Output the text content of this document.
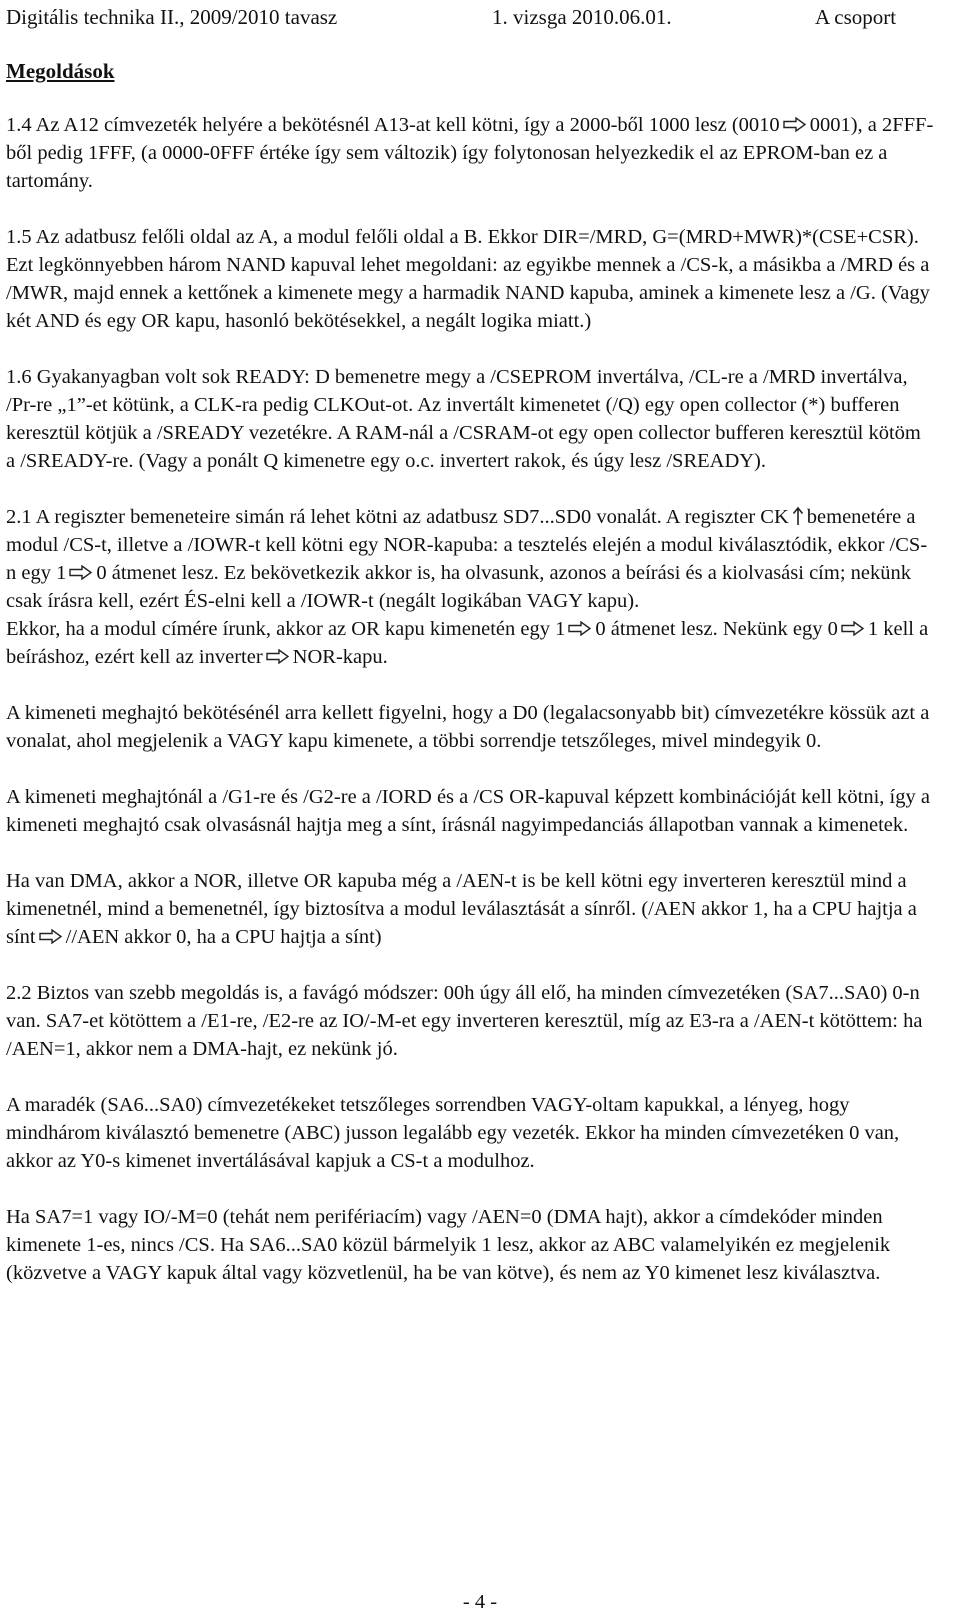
Digitális technika II., 2009/2010 tavasz	1. vizsga 2010.06.01.	A csoport
Megoldások

1.4 Az A12 címvezeték helyére a bekötésnél A13-at kell kötni, így a 2000-ből 1000 lesz (0010 0001), a 2FFF-ből pedig 1FFF, (a 0000-0FFF értéke így sem változik) így folytonosan helyezkedik el az EPROM-ban ez a tartomány.

1.5 Az adatbusz felőli oldal az A, a modul felőli oldal a B. Ekkor DIR=/MRD, G=(MRD+MWR)*(CSE+CSR). Ezt legkönnyebben három NAND kapuval lehet megoldani: az egyikbe mennek a /CS-k, a másikba a /MRD és a /MWR, majd ennek a kettőnek a kimenete megy a harmadik NAND kapuba, aminek a kimenete lesz a /G. (Vagy két AND és egy OR kapu, hasonló bekötésekkel, a negált logika miatt.)

1.6 Gyakanyagban volt sok READY: D bemenetre megy a /CSEPROM invertálva, /CL-re a /MRD invertálva, /Pr-re „1”-et kötünk, a CLK-ra pedig CLKOut-ot. Az invertált kimenetet (/Q) egy open collector (*) bufferen keresztül kötjük a /SREADY vezetékre. A RAM-nál a /CSRAM-ot egy open collector bufferen keresztül kötöm a /SREADY-re. (Vagy a ponált Q kimenetre egy o.c. invertert rakok, és úgy lesz /SREADY).

2.1 A regiszter bemeneteire simán rá lehet kötni az adatbusz SD7...SD0 vonalát. A regiszter CK bemenetére a modul /CS-t, illetve a /IOWR-t kell kötni egy NOR-kapuba: a tesztelés elején a modul kiválasztódik, ekkor /CS-n egy 1 0 átmenet lesz. Ez bekövetkezik akkor is, ha olvasunk, azonos a beírási és a kiolvasási cím; nekünk csak írásra kell, ezért ÉS-elni kell a /IOWR-t (negált logikában VAGY kapu).

Ekkor, ha a modul címére írunk, akkor az OR kapu kimenetén egy 1 0 átmenet lesz. Nekünk egy 0 1 kell a beíráshoz, ezért kell az inverter NOR-kapu.

A kimeneti meghajtó bekötésénél arra kellett figyelni, hogy a D0 (legalacsonyabb bit) címvezetékre kössük azt a vonalat, ahol megjelenik a VAGY kapu kimenete, a többi sorrendje tetszőleges, mivel mindegyik 0.

A kimeneti meghajtónál a /G1-re és /G2-re a /IORD és a /CS OR-kapuval képzett kombinációját kell kötni, így a kimeneti meghajtó csak olvasásnál hajtja meg a sínt, írásnál nagyimpedanciás állapotban vannak a kimenetek.

Ha van DMA, akkor a NOR, illetve OR kapuba még a /AEN-t is be kell kötni egy inverteren keresztül mind a kimenetnél, mind a bemenetnél, így biztosítva a modul leválasztását a sínről. (/AEN akkor 1, ha a CPU hajtja a sínt //AEN akkor 0, ha a CPU hajtja a sínt)

2.2 Biztos van szebb megoldás is, a favágó módszer: 00h úgy áll elő, ha minden címvezetéken (SA7...SA0) 0-n van. SA7-et kötöttem a /E1-re, /E2-re az IO/-M-et egy inverteren keresztül, míg az E3-ra a /AEN-t kötöttem: ha /AEN=1, akkor nem a DMA-hajt, ez nekünk jó.

A maradék (SA6...SA0) címvezetékeket tetszőleges sorrendben VAGY-oltam kapukkal, a lényeg, hogy mindhárom kiválasztó bemenetre (ABC) jusson legalább egy vezeték. Ekkor ha minden címvezetéken 0 van, akkor az Y0-s kimenet invertálásával kapjuk a CS-t a modulhoz.

Ha SA7=1 vagy IO/-M=0 (tehát nem perifériacím) vagy /AEN=0 (DMA hajt), akkor a címdekóder minden kimenete 1-es, nincs /CS. Ha SA6...SA0 közül bármelyik 1 lesz, akkor az ABC valamelyikén ez megjelenik (közvetve a VAGY kapuk által vagy közvetlenül, ha be van kötve), és nem az Y0 kimenet lesz kiválasztva.

- 4 -
